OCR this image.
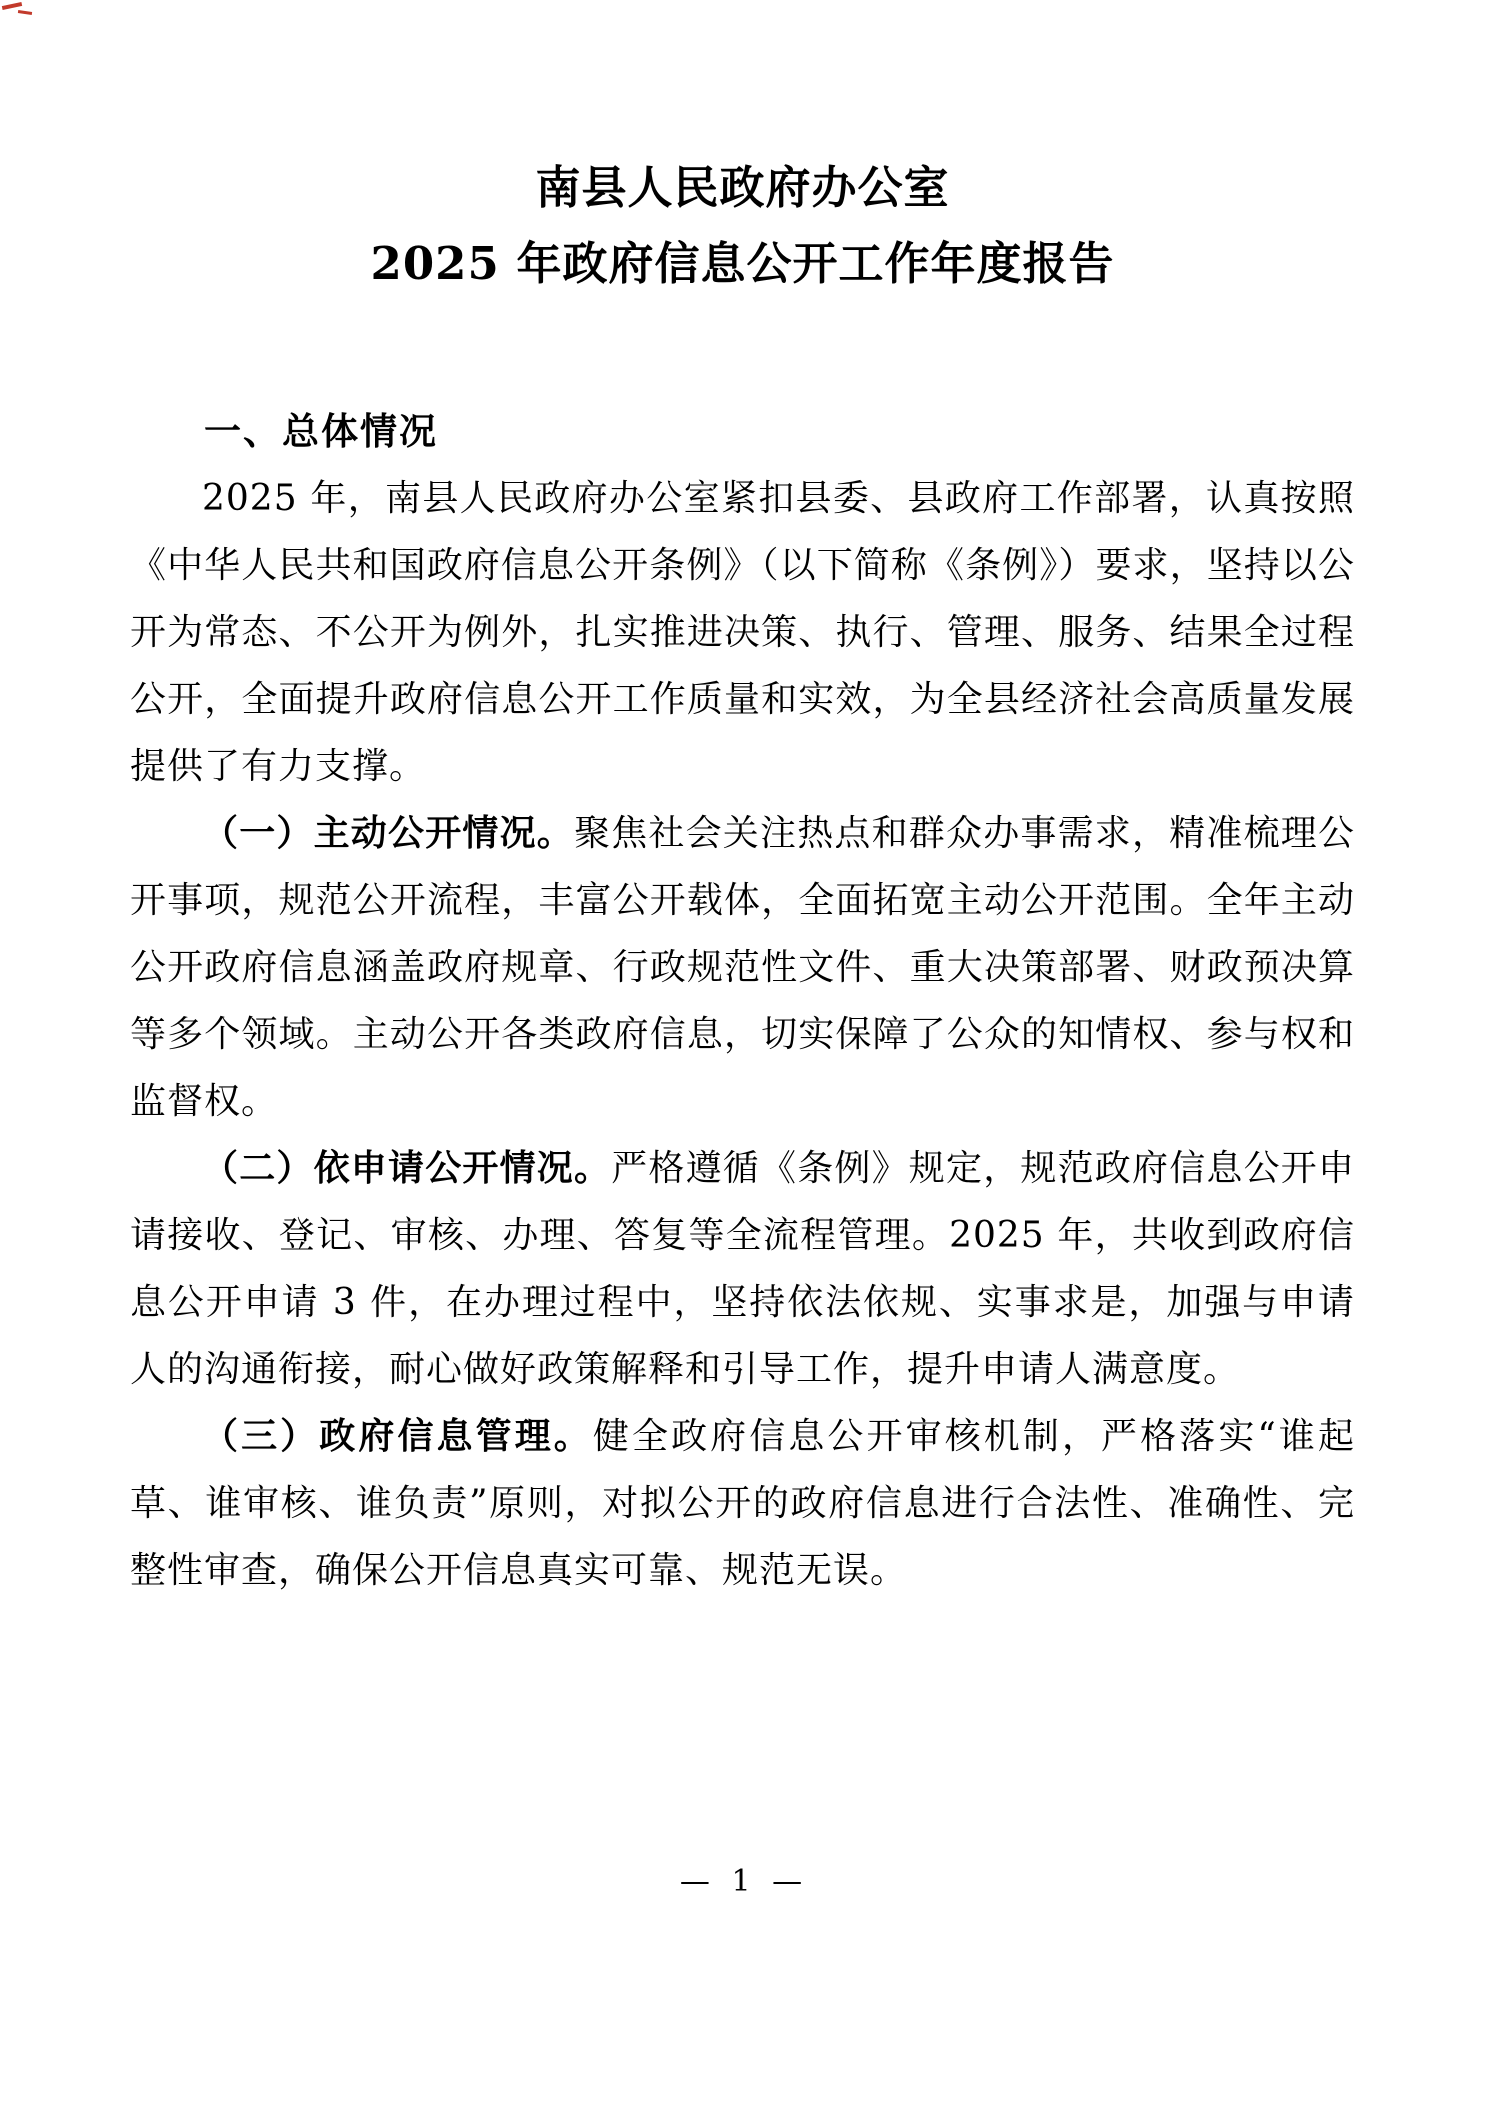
南县人民政府办公室
2025 年政府信息公开工作年度报告
一、总体情况

2025 年，南县人民政府办公室紧扣县委、县政府工作部署，认真按照《中华人民共和国政府信息公开条例》（以下简称《条例》）要求，坚持以公开为常态、不公开为例外，扎实推进决策、执行、管理、服务、结果全过程公开，全面提升政府信息公开工作质量和实效，为全县经济社会高质量发展提供了有力支撑。

（一）主动公开情况。聚焦社会关注热点和群众办事需求，精准梳理公开事项，规范公开流程，丰富公开载体，全面拓宽主动公开范围。全年主动公开政府信息涵盖政府规章、行政规范性文件、重大决策部署、财政预决算等多个领域。主动公开各类政府信息，切实保障了公众的知情权、参与权和监督权。

（二）依申请公开情况。严格遵循《条例》规定，规范政府信息公开申请接收、登记、审核、办理、答复等全流程管理。2025 年，共收到政府信息公开申请 3 件，在办理过程中，坚持依法依规、实事求是，加强与申请人的沟通衔接，耐心做好政策解释和引导工作，提升申请人满意度。

（三）政府信息管理。健全政府信息公开审核机制，严格落实“谁起草、谁审核、谁负责”原则，对拟公开的政府信息进行合法性、准确性、完整性审查，确保公开信息真实可靠、规范无误。

— 1 —
